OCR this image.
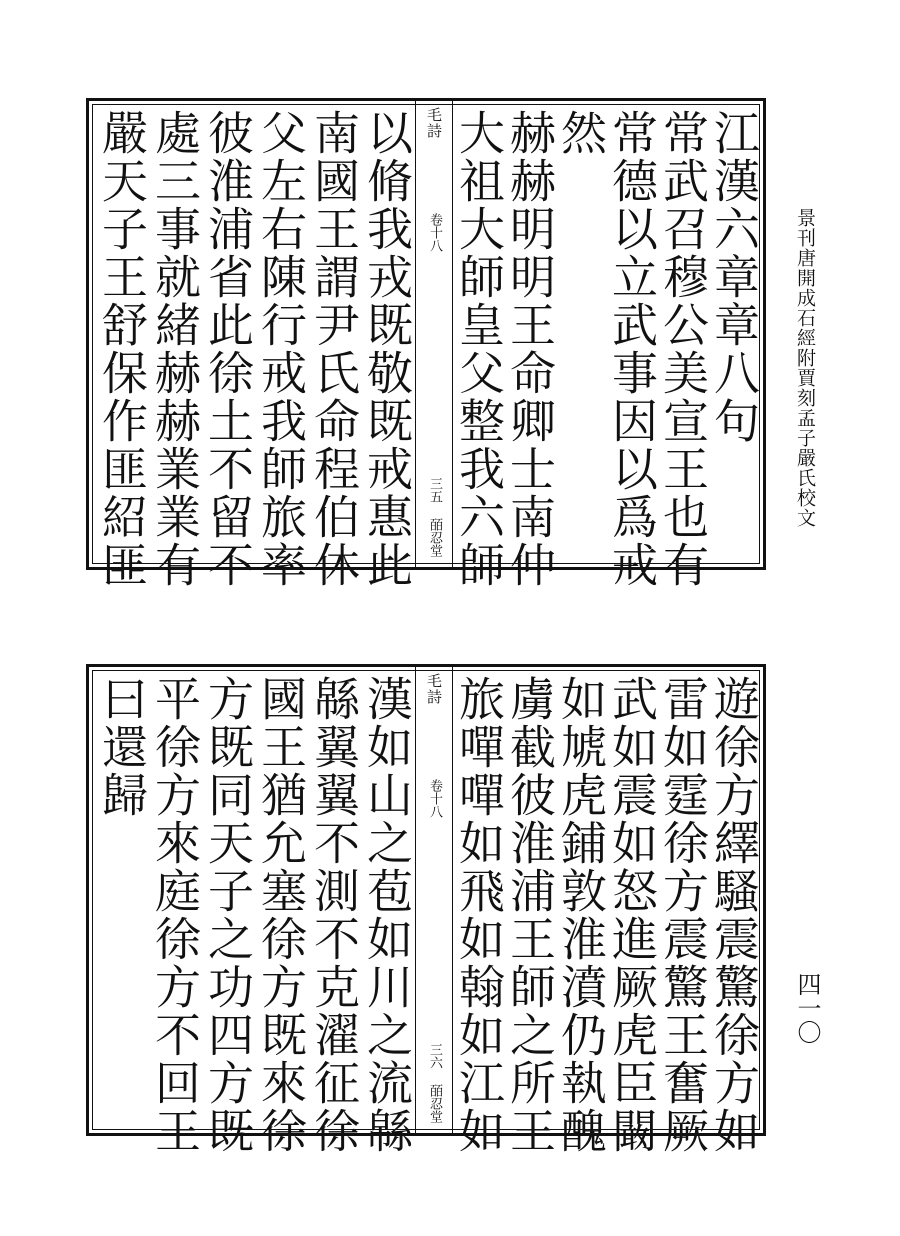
景刊唐開成石經附賈刻孟子嚴氏校文
四一〇
江漢六章章八句
常武召穆公美宣王也有
常德以立武事因以爲戒
然
赫赫明明王命卿士南仲
大祖大師皇父整我六師
毛詩
卷十八
三五 皕忍堂
以脩我戎既敬既戒惠此
南國王謂尹氏命程伯休
父左右陳行戒我師旅率
彼淮浦省此徐土不留不
處三事就緒赫赫業業有
嚴天子王舒保作匪紹匪
遊徐方繹騷震驚徐方如
雷如霆徐方震驚王奮厥
武如震如怒進厥虎臣闞
如虓虎鋪敦淮濆仍執醜
虜截彼淮浦王師之所王
旅嘽嘽如飛如翰如江如
毛詩
卷十八
三六 皕忍堂
漢如山之苞如川之流緜
緜翼翼不測不克濯征徐
國王猶允塞徐方既來徐
方既同天子之功四方既
平徐方來庭徐方不回王
曰還歸
